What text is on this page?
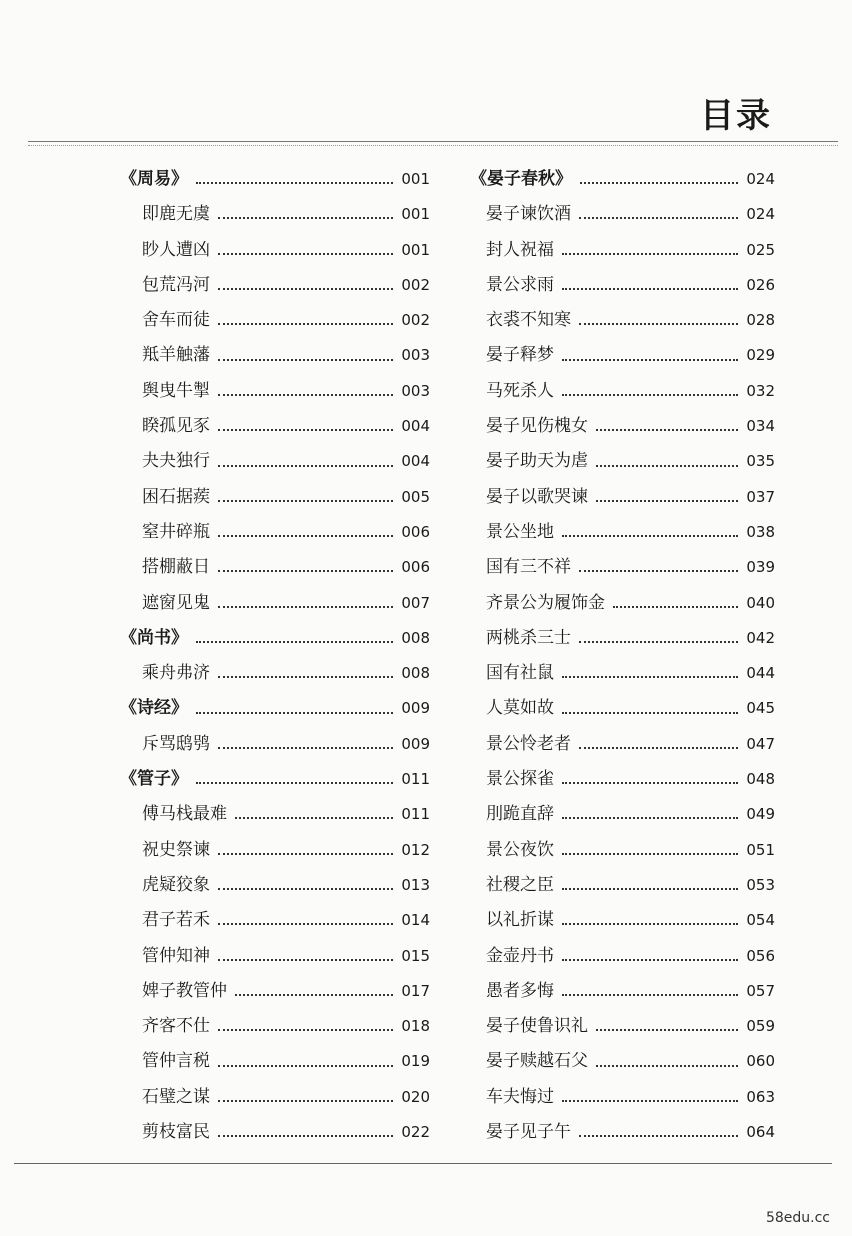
目录
《周易》	001
即鹿无虞	001
眇人遭凶	001
包荒冯河	002
舍车而徒	002
羝羊触藩	003
舆曳牛掣	003
睽孤见豕	004
夬夬独行	004
困石据蒺	005
窒井碎瓶	006
搭棚蔽日	006
遮窗见鬼	007
《尚书》	008
乘舟弗济	008
《诗经》	009
斥骂鸱鸮	009
《管子》	011
傅马栈最难	011
祝史祭谏	012
虎疑狡象	013
君子若禾	014
管仲知神	015
婢子教管仲	017
齐客不仕	018
管仲言税	019
石璧之谋	020
剪枝富民	022
《晏子春秋》	024
晏子谏饮酒	024
封人祝福	025
景公求雨	026
衣裘不知寒	028
晏子释梦	029
马死杀人	032
晏子见伤槐女	034
晏子助天为虐	035
晏子以歌哭谏	037
景公坐地	038
国有三不祥	039
齐景公为履饰金	040
两桃杀三士	042
国有社鼠	044
人莫如故	045
景公怜老者	047
景公探雀	048
刖跪直辞	049
景公夜饮	051
社稷之臣	053
以礼折谋	054
金壶丹书	056
愚者多悔	057
晏子使鲁识礼	059
晏子赎越石父	060
车夫悔过	063
晏子见子午	064
58edu.cc
